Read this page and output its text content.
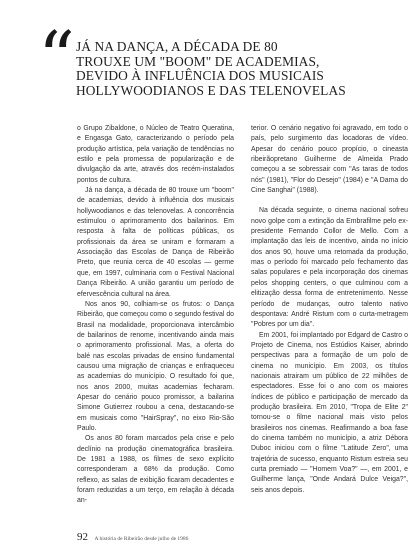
“ JÁ NA DANÇA, A DÉCADA DE 80
TROUXE UM "BOOM" DE ACADEMIAS,
DEVIDO À INFLUÊNCIA DOS MUSICAIS
HOLLYWOODIANOS E DAS TELENOVELAS

o Grupo Zibaldone, o Núcleo de Teatro Queratina, e Engasga Gato, caracterizando o período pela produção artística, pela variação de tendências no estilo e pela promessa de popularização e de divulgação da arte, através dos recém-instalados pontos de cultura.

Já na dança, a década de 80 trouxe um "boom" de academias, devido à influência dos musicais hollywoodianos e das telenovelas. A concorrência estimulou o aprimoramento dos bailarinos. Em resposta à falta de políticas públicas, os profissionais da área se uniram e formaram a Associação das Escolas de Dança de Ribeirão Preto, que reunia cerca de 40 escolas — germe que, em 1997, culminaria com o Festival Nacional Dança Ribeirão. A união garantiu um período de efervescência cultural na área.

Nos anos 90, colhiam-se os frutos: o Dança Ribeirão, que começou como o segundo festival do Brasil na modalidade, proporcionava intercâmbio de bailarinos de renome, incentivando ainda mais o aprimoramento profissional. Mas, a oferta do balé nas escolas privadas de ensino fundamental causou uma migração de crianças e enfraqueceu as academias do município. O resultado foi que, nos anos 2000, muitas academias fecharam. Apesar do cenário pouco promissor, a bailarina Simone Gutierrez roubou a cena, destacando-se em musicais como "HairSpray", no eixo Rio-São Paulo.

Os anos 80 foram marcados pela crise e pelo declínio na produção cinematográfica brasileira. De 1981 a 1988, os filmes de sexo explícito corresponderam a 68% da produção. Como reflexo, as salas de exibição ficaram decadentes e foram reduzidas a um terço, em relação à década an-

terior. O cenário negativo foi agravado, em todo o país, pelo surgimento das locadoras de vídeo. Apesar do cenário pouco propício, o cineasta ribeirãopretano Guilherme de Almeida Prado começou a se sobressair com "As taras de todos nós" (1981), "Flor do Desejo" (1984) e "A Dama do Cine Sanghai" (1988).

Na década seguinte, o cinema nacional sofreu novo golpe com a extinção da Embrafilme pelo ex-presidente Fernando Collor de Mello. Com a implantação das leis de incentivo, ainda no início dos anos 90, houve uma retomada da produção, mas o período foi marcado pelo fechamento das salas populares e pela incorporação dos cinemas pelos shopping centers, o que culminou com a elitização dessa forma de entretenimento. Nesse período de mudanças, outro talento nativo despontava: André Ristum com o curta-metragem "Pobres por um dia".

Em 2001, foi implantado por Edgard de Castro o Projeto de Cinema, nos Estúdios Kaiser, abrindo perspectivas para a formação de um polo de cinema no município. Em 2003, os títulos nacionais atrairam um público de 22 milhões de espectadores. Esse foi o ano com os maiores índices de público e participação de mercado da produção brasileira. Em 2010, "Tropa de Elite 2" tornou-se o filme nacional mais visto pelos brasileiros nos cinemas. Reafirmando a boa fase do cinema também no município, a atriz Débora Duboc iniciou com o filme "Latitude Zero", uma trajetória de sucesso, enquanto Ristum estreia seu curta premiado — "Homem Voa?" —, em 2001, e Guilherme lança, "Onde Andará Dulce Veiga?", seis anos depois.

92 A história de Ribeirão desde julho de 1986
